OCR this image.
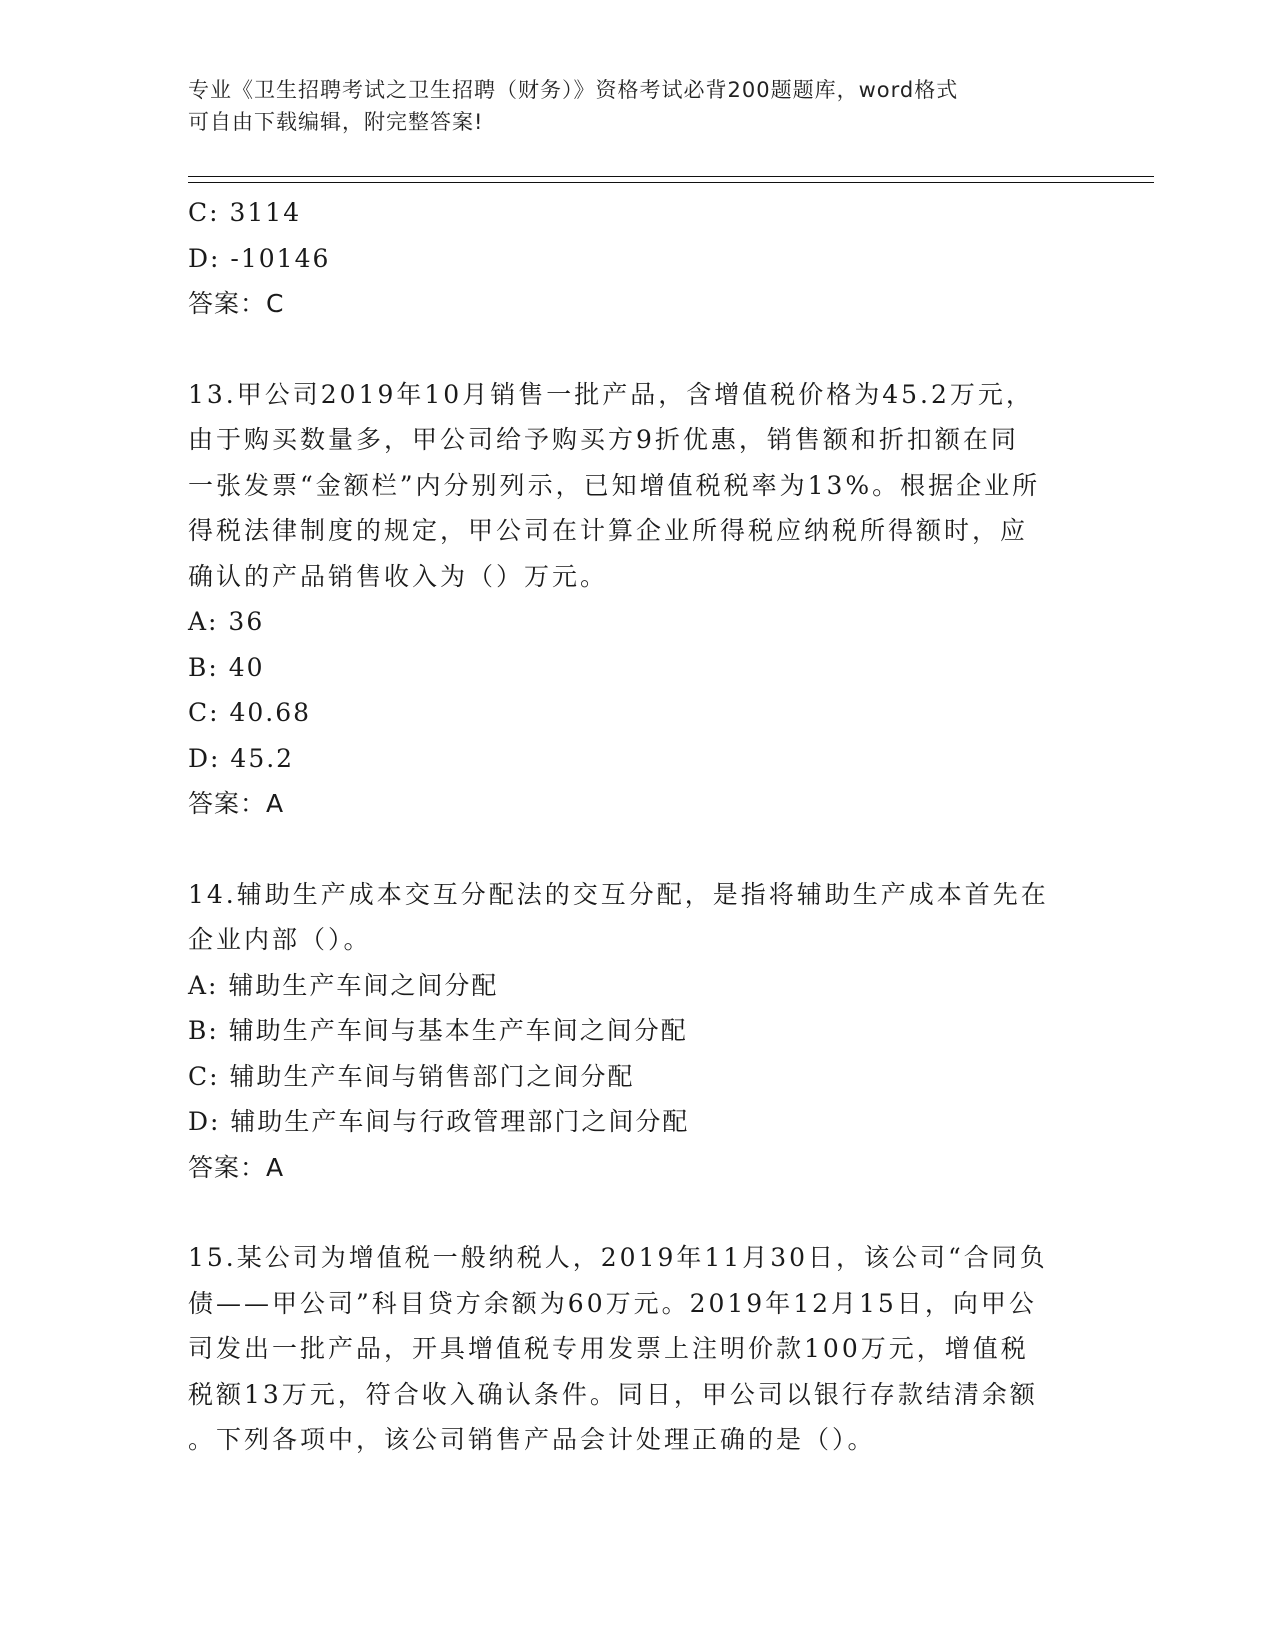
专业《卫生招聘考试之卫生招聘（财务）》资格考试必背200题题库，word格式
可自由下载编辑，附完整答案!
C: 3114
D: -10146
答案：C
13.甲公司2019年10月销售一批产品，含增值税价格为45.2万元，
由于购买数量多，甲公司给予购买方9折优惠，销售额和折扣额在同
一张发票“金额栏”内分别列示，已知增值税税率为13%。根据企业所
得税法律制度的规定，甲公司在计算企业所得税应纳税所得额时，应
确认的产品销售收入为（）万元。
A: 36
B: 40
C: 40.68
D: 45.2
答案：A
14.辅助生产成本交互分配法的交互分配，是指将辅助生产成本首先在
企业内部（）。
A: 辅助生产车间之间分配
B: 辅助生产车间与基本生产车间之间分配
C: 辅助生产车间与销售部门之间分配
D: 辅助生产车间与行政管理部门之间分配
答案：A
15.某公司为增值税一般纳税人，2019年11月30日，该公司“合同负
债——甲公司”科目贷方余额为60万元。2019年12月15日，向甲公
司发出一批产品，开具增值税专用发票上注明价款100万元，增值税
税额13万元，符合收入确认条件。同日，甲公司以银行存款结清余额
。下列各项中，该公司销售产品会计处理正确的是（）。
